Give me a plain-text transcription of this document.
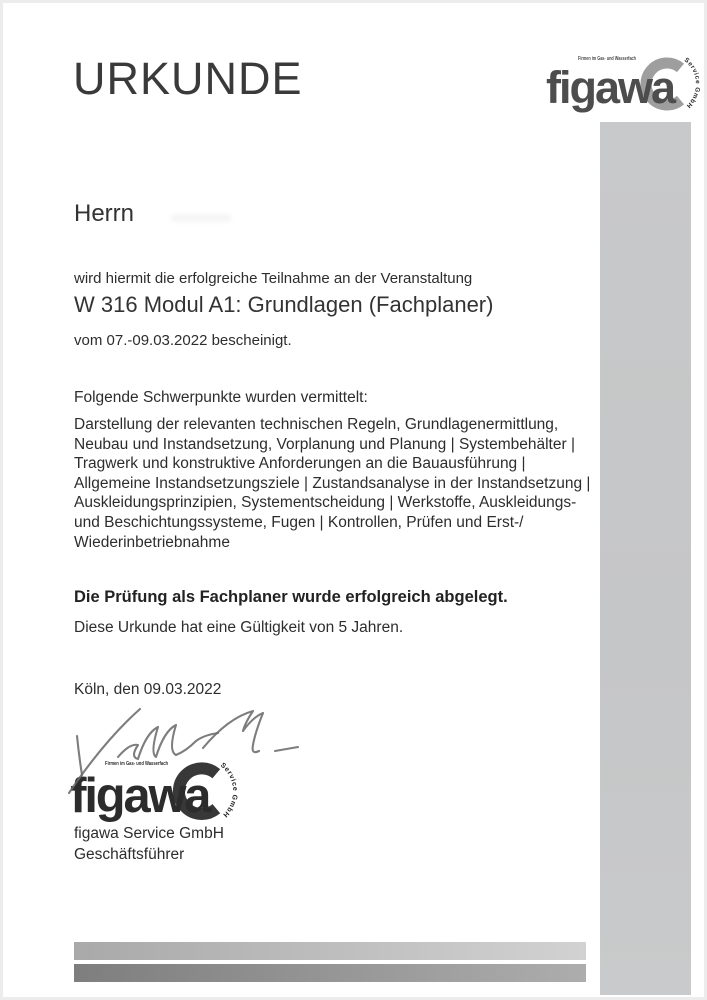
URKUNDE	Service GmbH
Firmen im Gas- und Wasserfach
figawa
Herrn
wird hiermit die erfolgreiche Teilnahme an der Veranstaltung
W 316 Modul A1: Grundlagen (Fachplaner)
vom 07.-09.03.2022 bescheinigt.
Folgende Schwerpunkte wurden vermittelt:
Darstellung der relevanten technischen Regeln, Grundlagenermittlung,
Neubau und Instandsetzung, Vorplanung und Planung | Systembehälter |
Tragwerk und konstruktive Anforderungen an die Bauausführung |
Allgemeine Instandsetzungsziele | Zustandsanalyse in der Instandsetzung |
Auskleidungsprinzipien, Systementscheidung | Werkstoffe, Auskleidungs-
und Beschichtungssysteme, Fugen | Kontrollen, Prüfen und Erst-/
Wiederinbetriebnahme
Die Prüfung als Fachplaner wurde erfolgreich abgelegt.
Diese Urkunde hat eine Gültigkeit von 5 Jahren.
Köln, den 09.03.2022
Service GmbH
Firmen im Gas- und Wasserfach
figawa
figawa Service GmbH
Geschäftsführer
